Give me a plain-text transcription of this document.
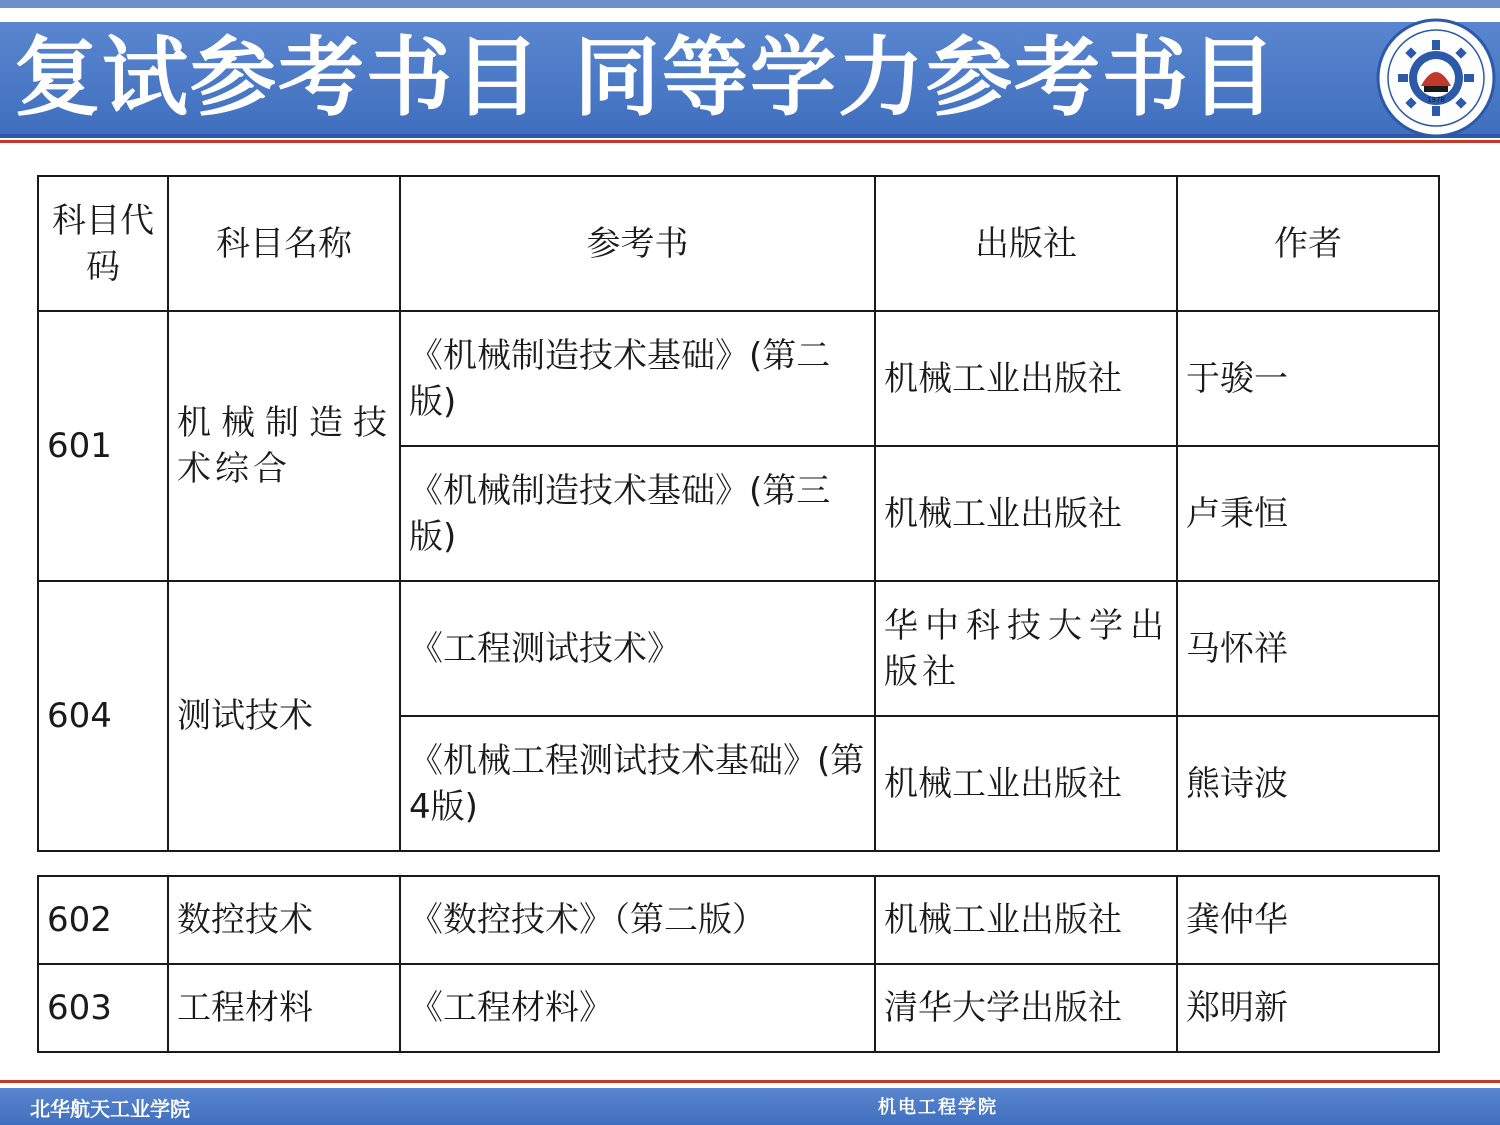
复试参考书目 同等学力参考书目	1978
科目代码	科目名称	参考书	出版社	作者
601	机械制造技术综合	《机械制造技术基础》(第二版)	机械工业出版社	于骏一
		《机械制造技术基础》(第三版)	机械工业出版社	卢秉恒
604	测试技术	《工程测试技术》	华中科技大学出版社	马怀祥
		《机械工程测试技术基础》(第4版)	机械工业出版社	熊诗波
602	数控技术	《数控技术》（第二版）	机械工业出版社	龚仲华
603	工程材料	《工程材料》	清华大学出版社	郑明新
北华航天工业学院	机电工程学院
